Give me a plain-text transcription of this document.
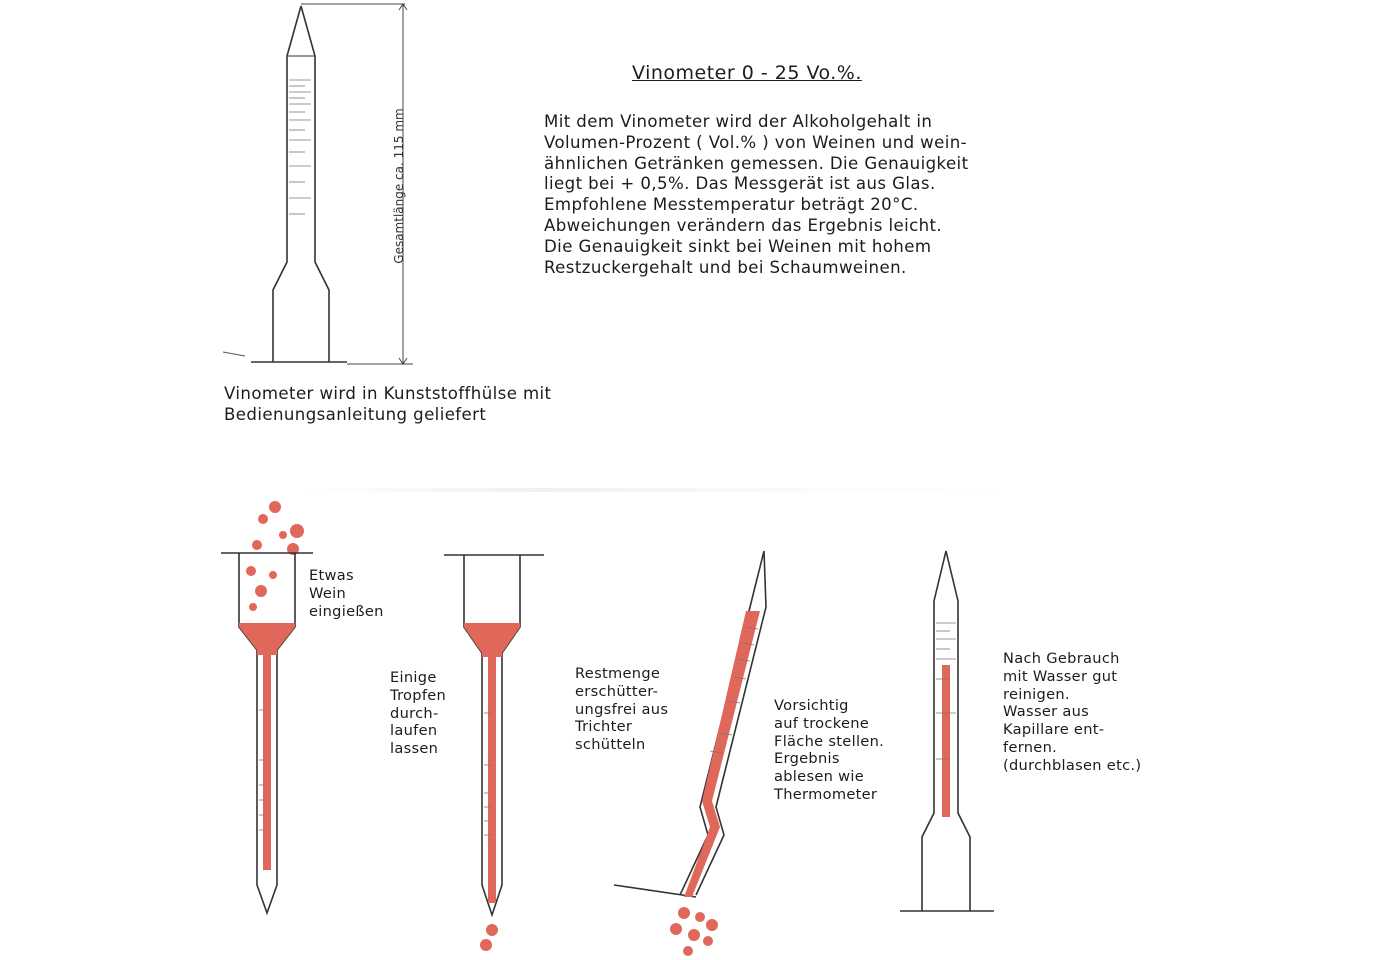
Gesamtlänge ca. 115 mm
Vinometer 0 - 25 Vo.%.
Mit dem Vinometer wird der Alkoholgehalt in
Volumen-Prozent ( Vol.% ) von Weinen und wein-
ähnlichen Getränken gemessen. Die Genauigkeit
liegt bei + 0,5%. Das Messgerät ist aus Glas.
Empfohlene Messtemperatur beträgt 20°C.
Abweichungen verändern das Ergebnis leicht.
Die Genauigkeit sinkt bei Weinen mit hohem
Restzuckergehalt und bei Schaumweinen.
Vinometer wird in Kunststoffhülse mit
Bedienungsanleitung geliefert
Etwas
Wein
eingießen
Einige
Tropfen
durch-
laufen
lassen
Restmenge
erschütter-
ungsfrei aus
Trichter
schütteln
Vorsichtig
auf trockene
Fläche stellen.
Ergebnis
ablesen wie
Thermometer
Nach Gebrauch
mit Wasser gut
reinigen.
Wasser aus
Kapillare ent-
fernen.
(durchblasen etc.)
